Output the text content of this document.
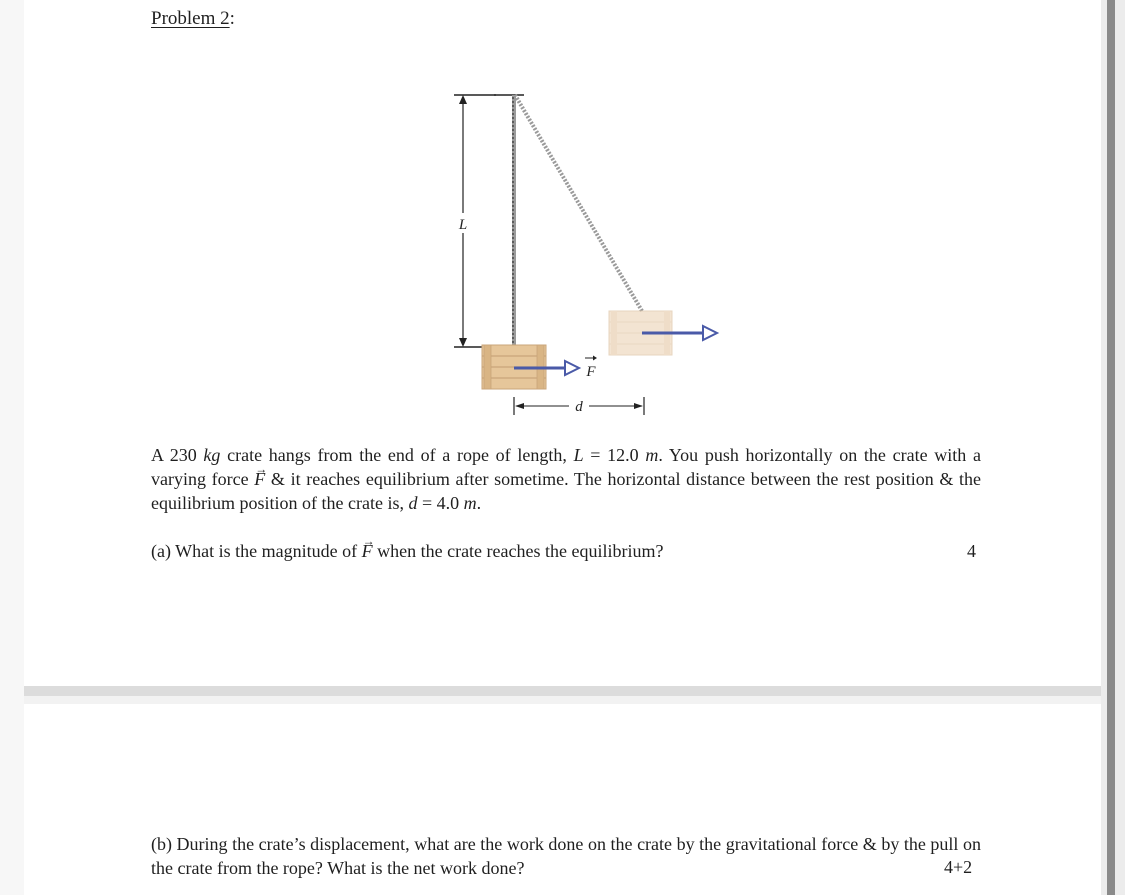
Problem 2:
L
F
d
A 230 kg crate hangs from the end of a rope of length, L = 12.0 m. You push horizontally on the crate with a varying force → F & it reaches equilibrium after sometime. The horizontal distance between the rest position & the equilibrium position of the crate is, d = 4.0 m.
(a) What is the magnitude of → F when the crate reaches the equilibrium?	4
(b) During the crate’s displacement, what are the work done on the crate by the gravitational force & by the pull on the crate from the rope? What is the net work done?	4+2
